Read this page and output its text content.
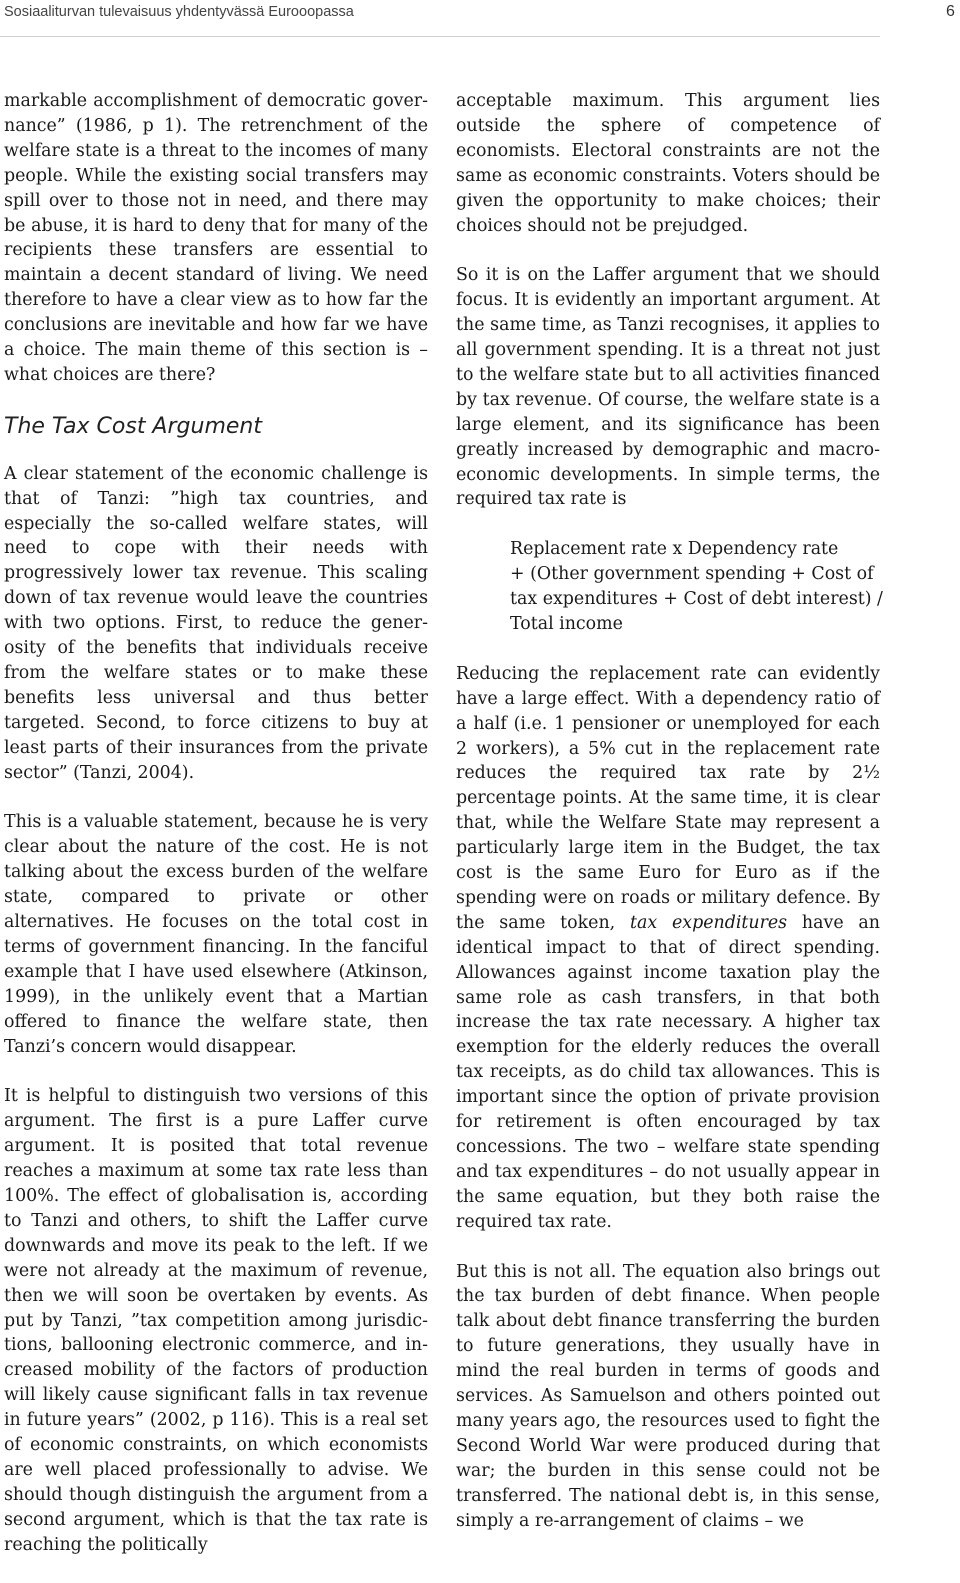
Sosiaaliturvan tulevaisuus yhdentyvässä Eurooopassa	6

markable accomplishment of democratic governance” (1986, p 1). The retrenchment of the welfare state is a threat to the incomes of many people. While the existing social transfers may spill over to those not in need, and there may be abuse, it is hard to deny that for many of the recipients these transfers are essential to maintain a decent standard of living. We need therefore to have a clear view as to how far the conclusions are inevitable and how far we have a choice. The main theme of this section is – what choices are there?

The Tax Cost Argument

A clear statement of the economic challenge is that of Tanzi: ”high tax countries, and especially the so-called welfare states, will need to cope with their needs with progressively lower tax revenue. This scaling down of tax revenue would leave the countries with two options. First, to reduce the generosity of the benefits that individuals receive from the welfare states or to make these benefits less universal and thus better targeted. Second, to force citizens to buy at least parts of their insurances from the private sector” (Tanzi, 2004).

This is a valuable statement, because he is very clear about the nature of the cost. He is not talking about the excess burden of the welfare state, compared to private or other alternatives. He focuses on the total cost in terms of government financing. In the fanciful example that I have used elsewhere (Atkinson, 1999), in the unlikely event that a Martian offered to finance the welfare state, then Tanzi’s concern would disappear.

It is helpful to distinguish two versions of this argument. The first is a pure Laffer curve argument. It is posited that total revenue reaches a maximum at some tax rate less than 100%. The effect of globalisation is, according to Tanzi and others, to shift the Laffer curve downwards and move its peak to the left. If we were not already at the maximum of revenue, then we will soon be overtaken by events. As put by Tanzi, ”tax competition among jurisdictions, ballooning electronic commerce, and increased mobility of the factors of production will likely cause significant falls in tax revenue in future years” (2002, p 116). This is a real set of economic constraints, on which economists are well placed professionally to advise. We should though distinguish the argument from a second argument, which is that the tax rate is reaching the politically

acceptable maximum. This argument lies outside the sphere of competence of economists. Electoral constraints are not the same as economic constraints. Voters should be given the opportunity to make choices; their choices should not be prejudged.

So it is on the Laffer argument that we should focus. It is evidently an important argument. At the same time, as Tanzi recognises, it applies to all government spending. It is a threat not just to the welfare state but to all activities financed by tax revenue. Of course, the welfare state is a large element, and its significance has been greatly increased by demographic and macro-economic developments. In simple terms, the required tax rate is

Replacement rate x Dependency rate
+ (Other government spending + Cost of
tax expenditures + Cost of debt interest) /
Total income

Reducing the replacement rate can evidently have a large effect. With a dependency ratio of a half (i.e. 1 pensioner or unemployed for each 2 workers), a 5% cut in the replacement rate reduces the required tax rate by 2½ percentage points. At the same time, it is clear that, while the Welfare State may represent a particularly large item in the Budget, the tax cost is the same Euro for Euro as if the spending were on roads or military defence. By the same token, tax expenditures have an identical impact to that of direct spending. Allowances against income taxation play the same role as cash transfers, in that both increase the tax rate necessary. A higher tax exemption for the elderly reduces the overall tax receipts, as do child tax allowances. This is important since the option of private provision for retirement is often encouraged by tax concessions. The two – welfare state spending and tax expenditures – do not usually appear in the same equation, but they both raise the required tax rate.

But this is not all. The equation also brings out the tax burden of debt finance. When people talk about debt finance transferring the burden to future generations, they usually have in mind the real burden in terms of goods and services. As Samuelson and others pointed out many years ago, the resources used to fight the Second World War were produced during that war; the burden in this sense could not be transferred. The national debt is, in this sense, simply a re-arrangement of claims – we
